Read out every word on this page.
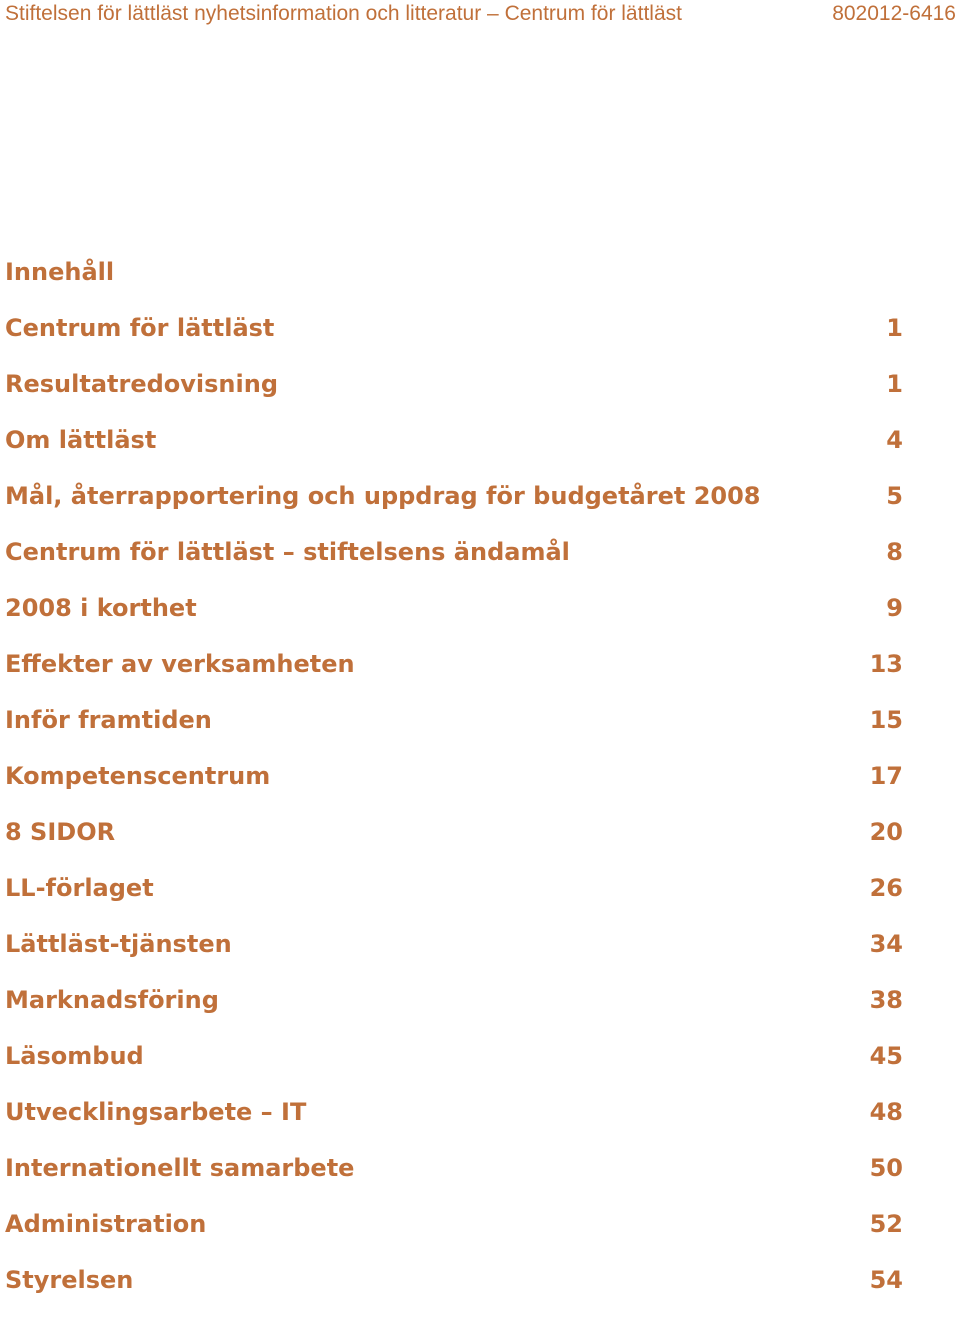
Stiftelsen för lättläst nyhetsinformation och litteratur – Centrum för lättläst	802012-6416
Innehåll
Centrum för lättläst	1
Resultatredovisning	1
Om lättläst	4
Mål, återrapportering och uppdrag för budgetåret 2008	5
Centrum för lättläst – stiftelsens ändamål	8
2008 i korthet	9
Effekter av verksamheten	13
Inför framtiden	15
Kompetenscentrum	17
8 SIDOR	20
LL-förlaget	26
Lättläst-tjänsten	34
Marknadsföring	38
Läsombud	45
Utvecklingsarbete – IT	48
Internationellt samarbete	50
Administration	52
Styrelsen	54
